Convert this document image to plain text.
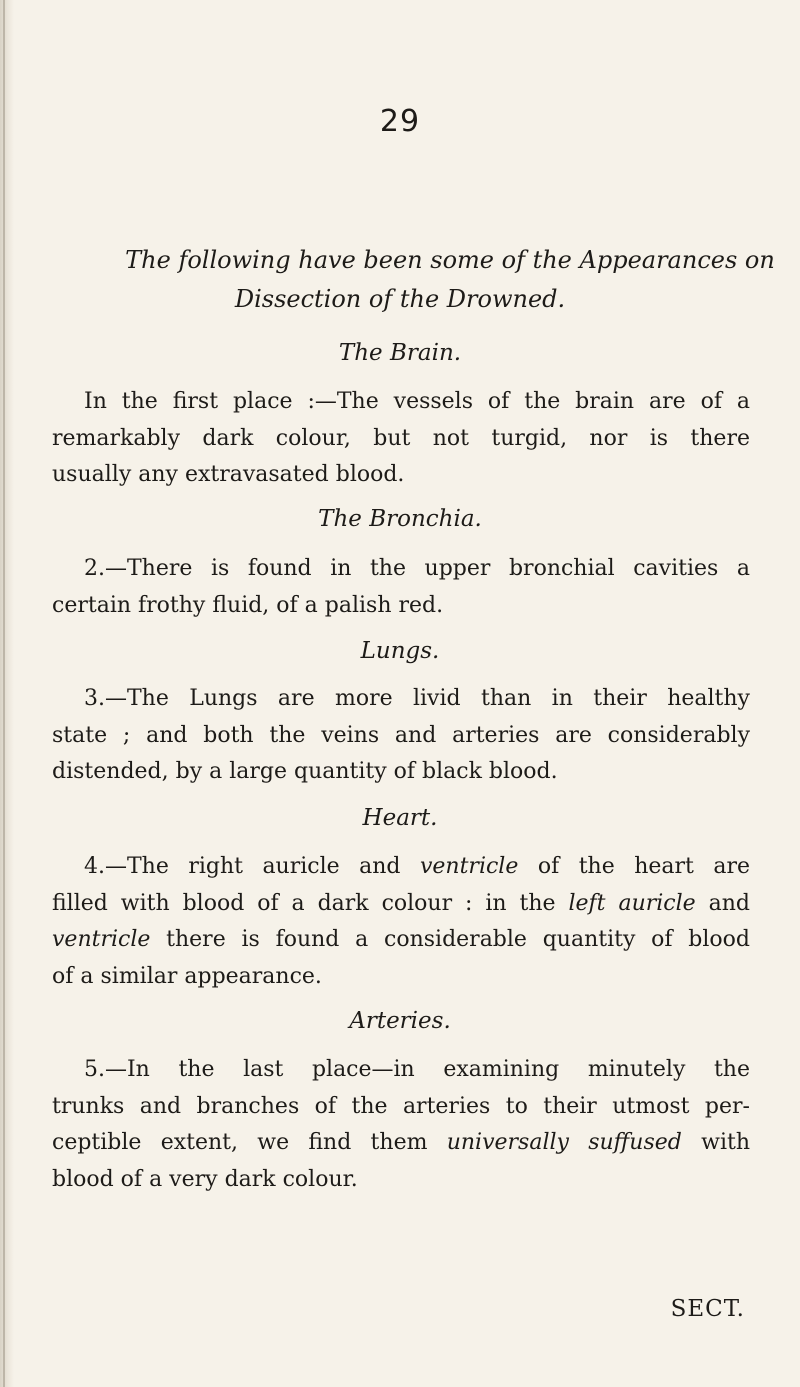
29
The following have been some of the Appearances on
Dissection of the Drowned.
The Brain.
In the first place :—The vessels of the brain are of a
remarkably dark colour, but not turgid, nor is there
usually any extravasated blood.
The Bronchia.
2.—There is found in the upper bronchial cavities a
certain frothy fluid, of a palish red.
Lungs.
3.—The Lungs are more livid than in their healthy
state ; and both the veins and arteries are considerably
distended, by a large quantity of black blood.
Heart.
4.—The right auricle and ventricle of the heart are
filled with blood of a dark colour : in the left auricle and
ventricle there is found a considerable quantity of blood
of a similar appearance.
Arteries.
5.—In the last place—in examining minutely the
trunks and branches of the arteries to their utmost per-
ceptible extent, we find them universally suffused with
blood of a very dark colour.
SECT.
